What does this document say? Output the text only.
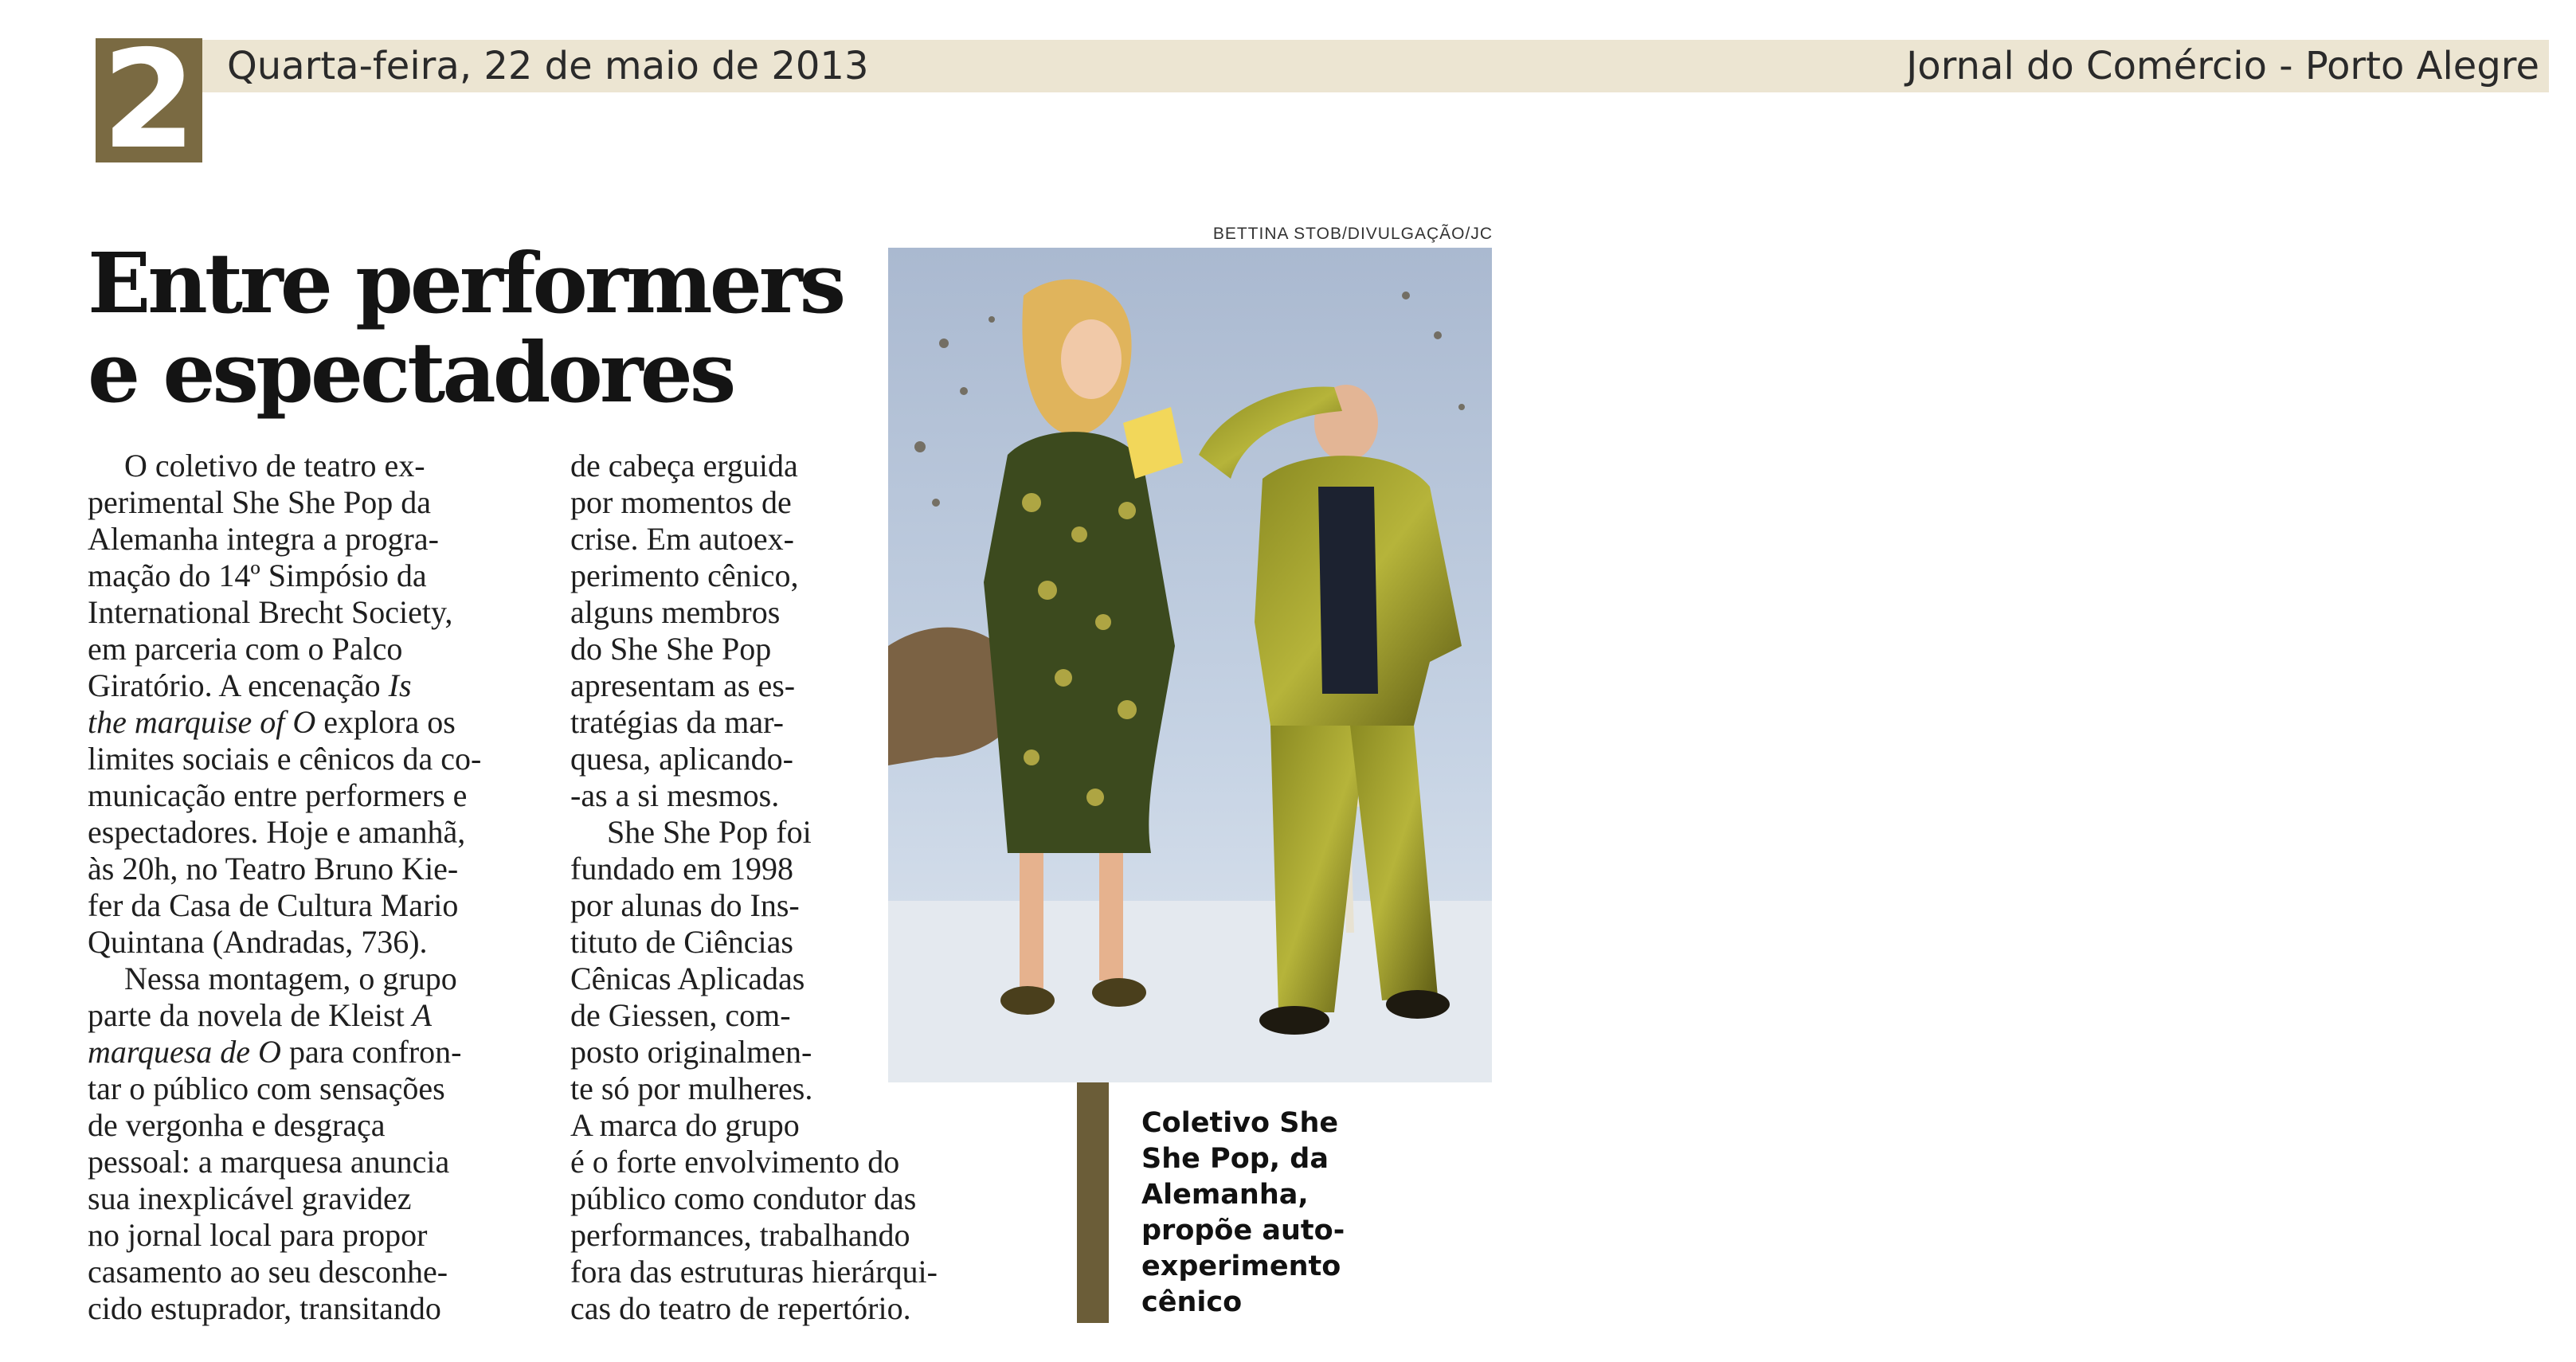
2 Quarta-feira, 22 de maio de 2013	Jornal do Comércio - Porto Alegre
Entre performers
e espectadores
O coletivo de teatro ex-
perimental She She Pop da
Alemanha integra a progra-
mação do 14º Simpósio da
International Brecht Society,
em parceria com o Palco
Giratório. A encenação Is
the marquise of O explora os
limites sociais e cênicos da co-
municação entre performers e
espectadores. Hoje e amanhã,
às 20h, no Teatro Bruno Kie-
fer da Casa de Cultura Mario
Quintana (Andradas, 736).
Nessa montagem, o grupo
parte da novela de Kleist A
marquesa de O para confron-
tar o público com sensações
de vergonha e desgraça
pessoal: a marquesa anuncia
sua inexplicável gravidez
no jornal local para propor
casamento ao seu desconhe-
cido estuprador, transitando
de cabeça erguida
por momentos de
crise. Em autoex-
perimento cênico,
alguns membros
do She She Pop
apresentam as es-
tratégias da mar-
quesa, aplicando-
-as a si mesmos.
She She Pop foi
fundado em 1998
por alunas do Ins-
tituto de Ciências
Cênicas Aplicadas
de Giessen, com-
posto originalmen-
te só por mulheres.
A marca do grupo
é o forte envolvimento do
público como condutor das
performances, trabalhando
fora das estruturas hierárqui-
cas do teatro de repertório.
BETTINA STOB/DIVULGAÇÃO/JC
Coletivo She
She Pop, da
Alemanha,
propõe auto-
experimento
cênico
